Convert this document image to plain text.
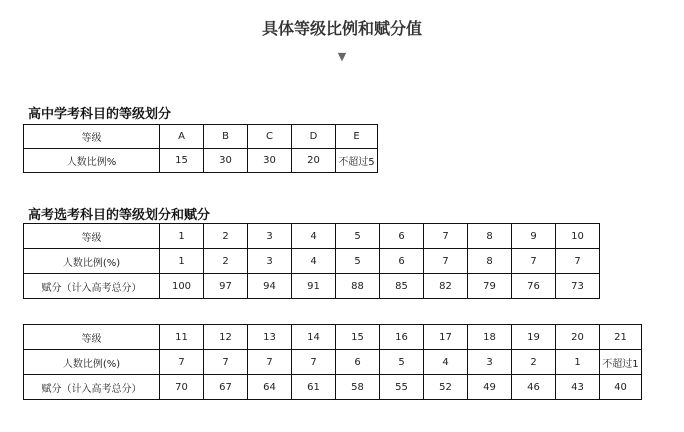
具体等级比例和赋分值
▼
高中学考科目的等级划分
等级	A	B	C	D	E
人数比例%	15	30	30	20	不超过5
高考选考科目的等级划分和赋分
等级	1	2	3	4	5	6	7	8	9	10
人数比例(%)	1	2	3	4	5	6	7	8	7	7
赋分（计入高考总分）	100	97	94	91	88	85	82	79	76	73
等级	11	12	13	14	15	16	17	18	19	20	21
人数比例(%)	7	7	7	7	6	5	4	3	2	1	不超过1
赋分（计入高考总分）	70	67	64	61	58	55	52	49	46	43	40
